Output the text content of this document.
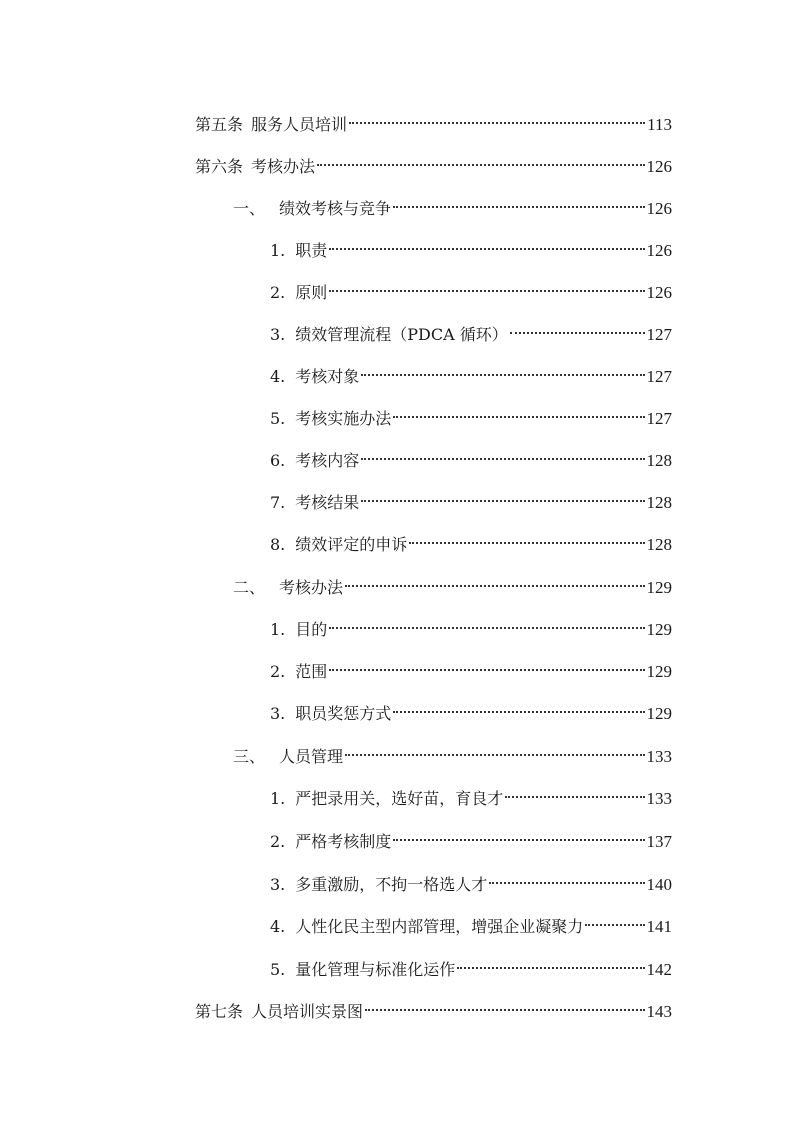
第五条 服务人员培训	113
第六条 考核办法	126
一、 绩效考核与竞争	126
1. 职责	126
2. 原则	126
3. 绩效管理流程（PDCA 循环）	127
4. 考核对象	127
5. 考核实施办法	127
6. 考核内容	128
7. 考核结果	128
8. 绩效评定的申诉	128
二、 考核办法	129
1. 目的	129
2. 范围	129
3. 职员奖惩方式	129
三、 人员管理	133
1. 严把录用关，选好苗，育良才	133
2. 严格考核制度	137
3. 多重激励，不拘一格选人才	140
4. 人性化民主型内部管理，增强企业凝聚力	141
5. 量化管理与标准化运作	142
第七条 人员培训实景图	143
